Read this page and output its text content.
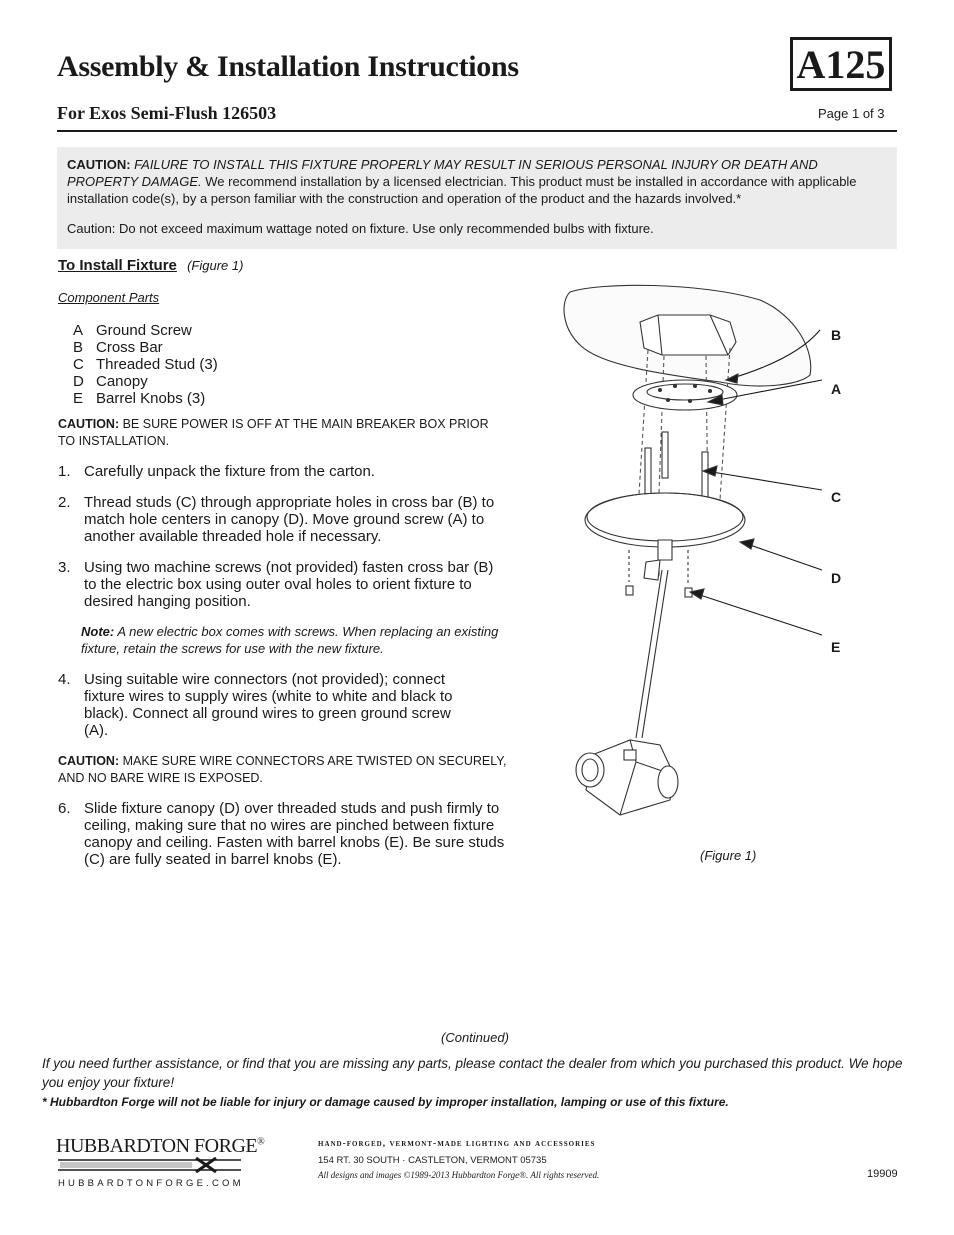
Assembly & Installation Instructions
For Exos Semi-Flush 126503
A125
Page 1 of 3

CAUTION: FAILURE TO INSTALL THIS FIXTURE PROPERLY MAY RESULT IN SERIOUS PERSONAL INJURY OR DEATH AND PROPERTY DAMAGE. We recommend installation by a licensed electrician. This product must be installed in accordance with applicable installation code(s), by a person familiar with the construction and operation of the product and the hazards involved.*

Caution: Do not exceed maximum wattage noted on fixture. Use only recommended bulbs with fixture.

To Install Fixture (Figure 1)

Component Parts

A Ground Screw
B Cross Bar
C Threaded Stud (3)
D Canopy
E Barrel Knobs (3)

CAUTION: BE SURE POWER IS OFF AT THE MAIN BREAKER BOX PRIOR TO INSTALLATION.

1. Carefully unpack the fixture from the carton.
2. Thread studs (C) through appropriate holes in cross bar (B) to match hole centers in canopy (D). Move ground screw (A) to another available threaded hole if necessary.
3. Using two machine screws (not provided) fasten cross bar (B) to the electric box using outer oval holes to orient fixture to desired hanging position.

Note: A new electric box comes with screws. When replacing an existing fixture, retain the screws for use with the new fixture.

4. Using suitable wire connectors (not provided); connect fixture wires to supply wires (white to white and black to black). Connect all ground wires to green ground screw (A).

CAUTION: MAKE SURE WIRE CONNECTORS ARE TWISTED ON SECURELY, AND NO BARE WIRE IS EXPOSED.

6. Slide fixture canopy (D) over threaded studs and push firmly to ceiling, making sure that no wires are pinched between fixture canopy and ceiling. Fasten with barrel knobs (E). Be sure studs (C) are fully seated in barrel knobs (E).
B
A
C
D
E
(Figure 1)
(Continued)

If you need further assistance, or find that you are missing any parts, please contact the dealer from which you purchased this product. We hope you enjoy your fixture!

* Hubbardton Forge will not be liable for injury or damage caused by improper installation, lamping or use of this fixture.
HUBBARDTON FORGE®
HUBBARDTONFORGE.COM
hand-forged, vermont-made lighting and accessories
154 RT. 30 SOUTH · CASTLETON, VERMONT 05735
All designs and images ©1989-2013 Hubbardton Forge®. All rights reserved.	19909
